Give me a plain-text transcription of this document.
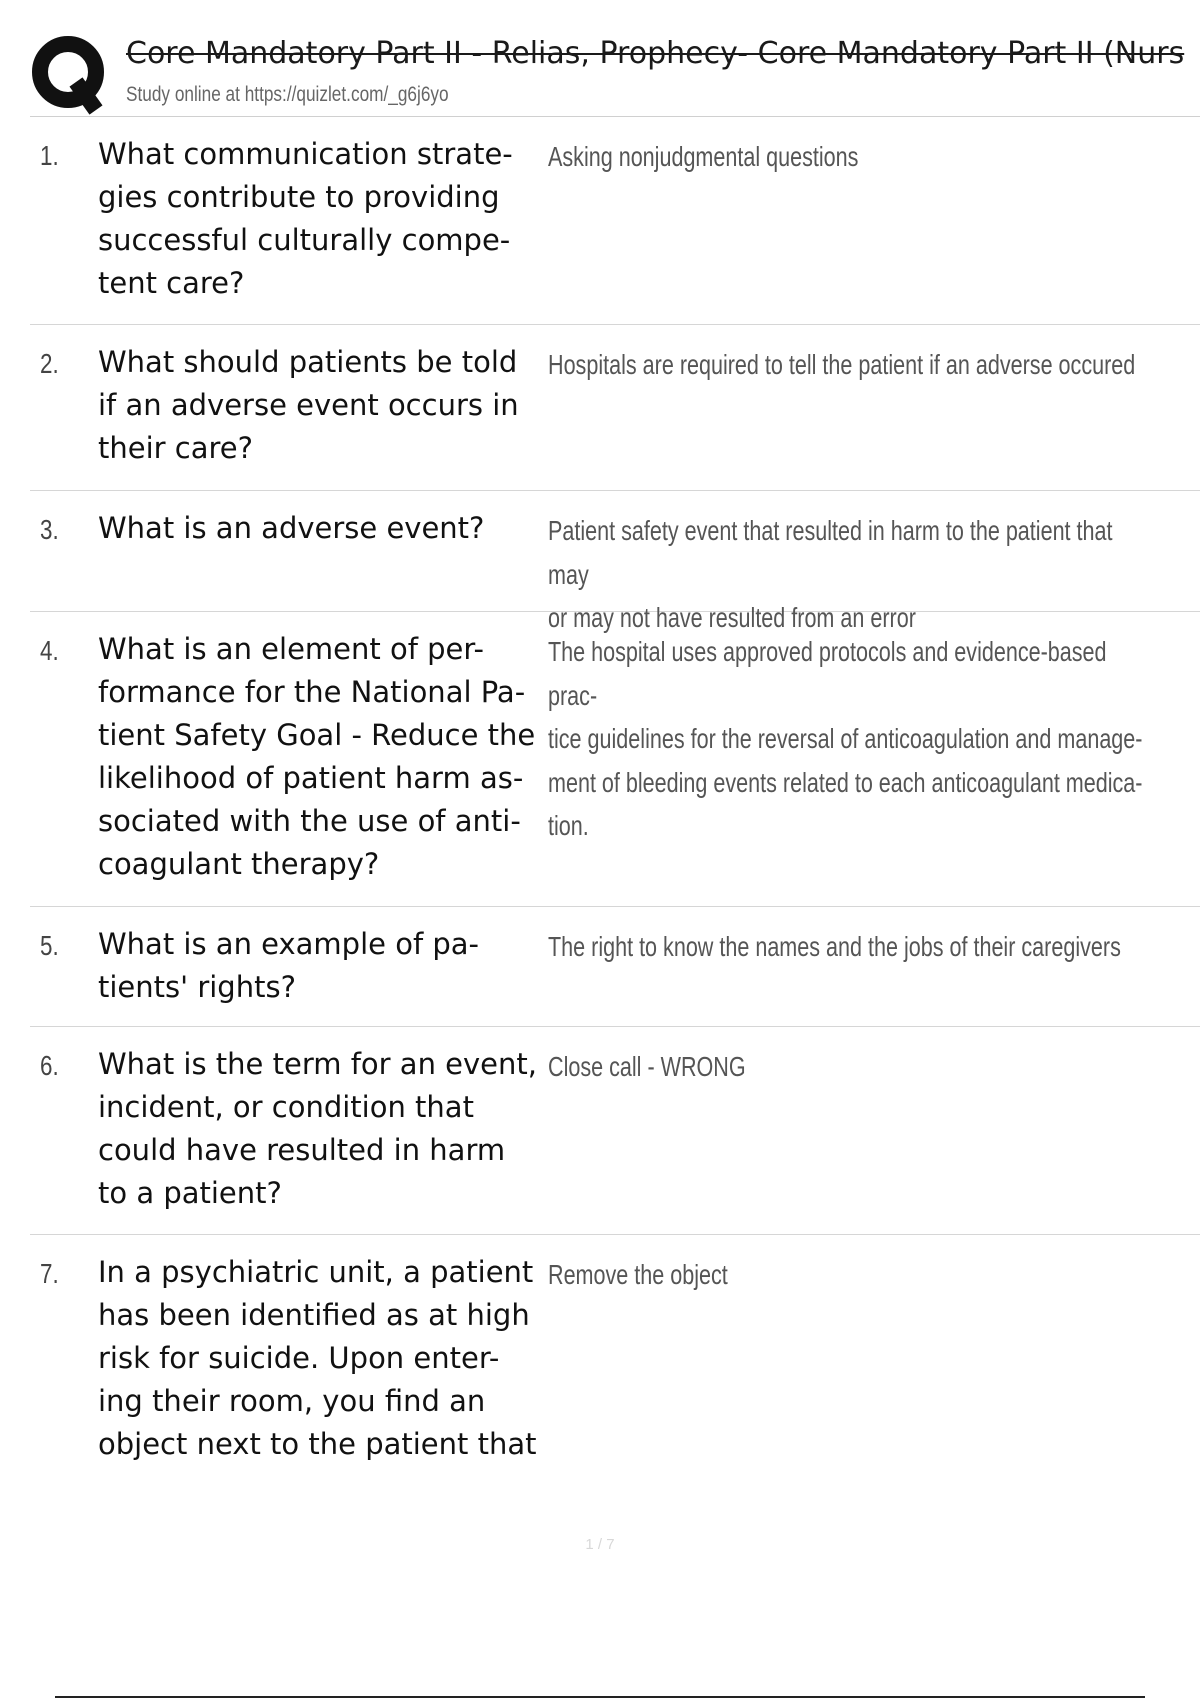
Core Mandatory Part II - Relias, Prophecy- Core Mandatory Part II (Nurs
Study online at https://quizlet.com/_g6j6yo
1. What communication strate-
gies contribute to providing
successful culturally compe-
tent care?
Asking nonjudgmental questions
2. What should patients be told
if an adverse event occurs in
their care?
Hospitals are required to tell the patient if an adverse occured
3. What is an adverse event?	Patient safety event that resulted in harm to the patient that may
or may not have resulted from an error
4. What is an element of per-
formance for the National Pa-
tient Safety Goal - Reduce the
likelihood of patient harm as-
sociated with the use of anti-
coagulant therapy?
The hospital uses approved protocols and evidence-based prac-
tice guidelines for the reversal of anticoagulation and manage-
ment of bleeding events related to each anticoagulant medica-
tion.
5. What is an example of pa-
tients' rights?
The right to know the names and the jobs of their caregivers
6. What is the term for an event,
incident, or condition that
could have resulted in harm
to a patient?
Close call - WRONG
7. In a psychiatric unit, a patient
has been identified as at high
risk for suicide. Upon enter-
ing their room, you find an
object next to the patient that
Remove the object
1 / 7
